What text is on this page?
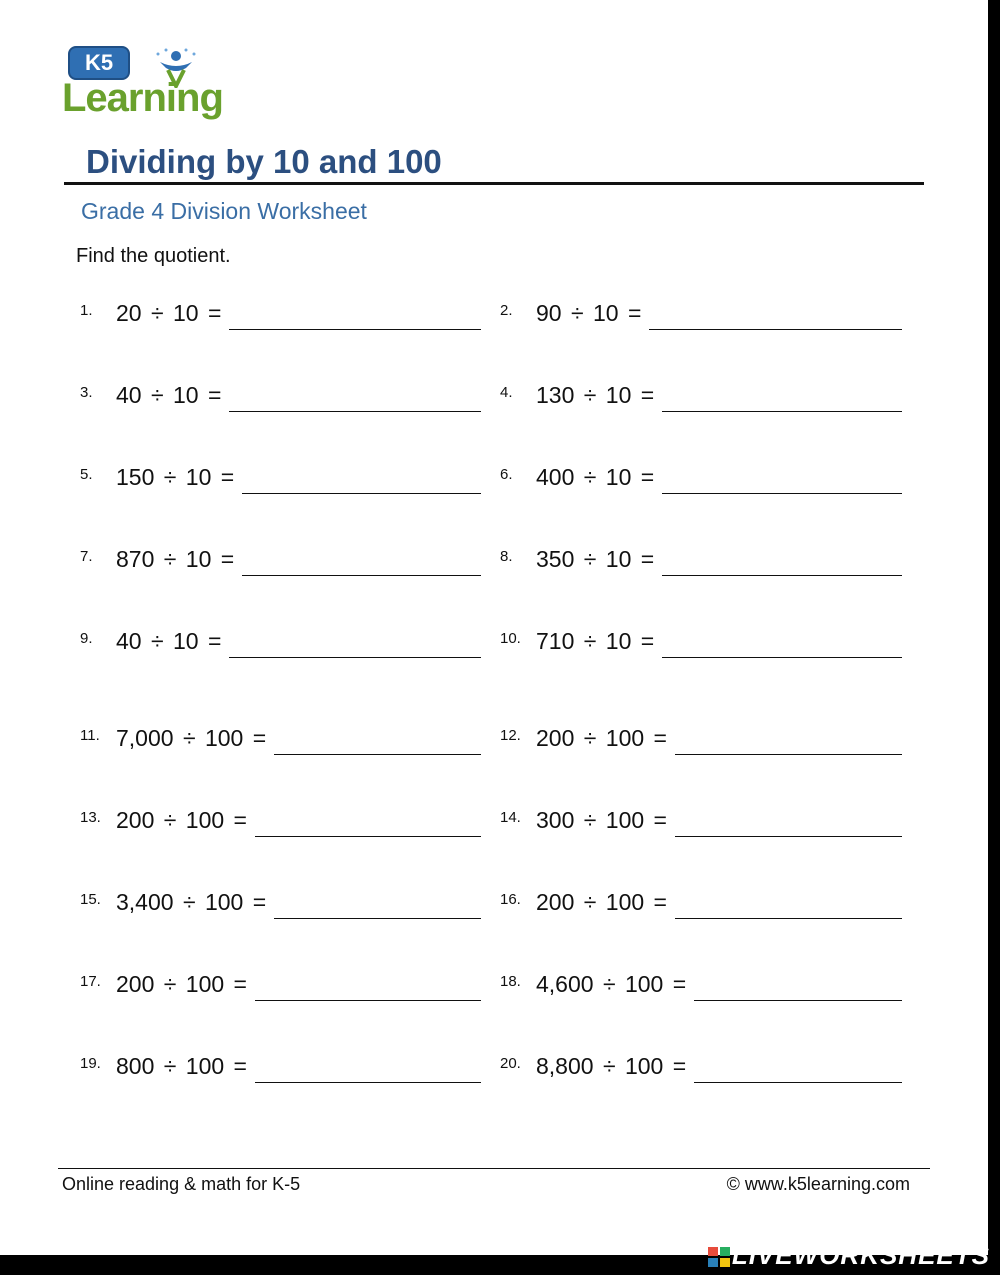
K5
Learning
Dividing by 10 and 100
Grade 4 Division Worksheet
Find the quotient.
1. 20 ÷ 10 =	2. 90 ÷ 10 =
3. 40 ÷ 10 =	4. 130 ÷ 10 =
5. 150 ÷ 10 =	6. 400 ÷ 10 =
7. 870 ÷ 10 =	8. 350 ÷ 10 =
9. 40 ÷ 10 =	10. 710 ÷ 10 =
11. 7,000 ÷ 100 =	12. 200 ÷ 100 =
13. 200 ÷ 100 =	14. 300 ÷ 100 =
15. 3,400 ÷ 100 =	16. 200 ÷ 100 =
17. 200 ÷ 100 =	18. 4,600 ÷ 100 =
19. 800 ÷ 100 =	20. 8,800 ÷ 100 =
Online reading & math for K-5	© www.k5learning.com
LIVEWORKSHEETS
